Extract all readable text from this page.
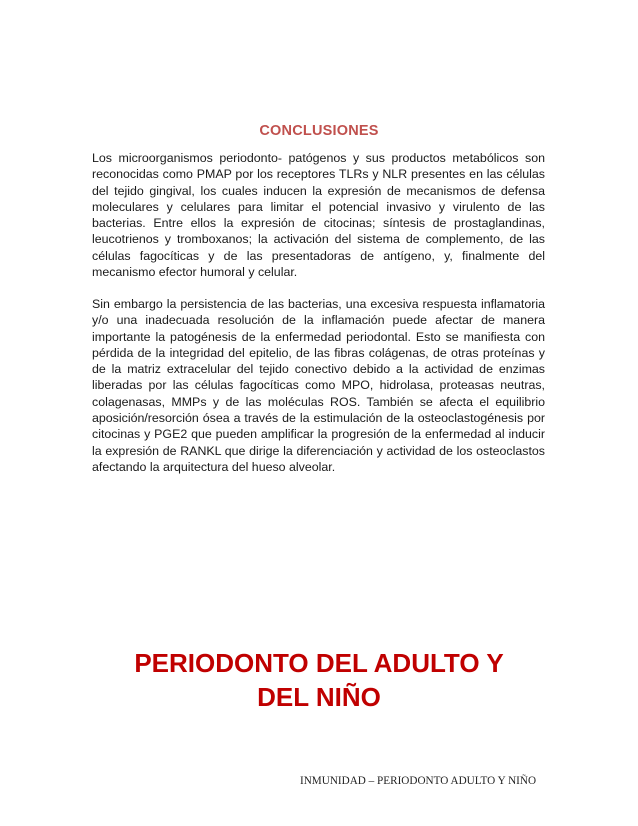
CONCLUSIONES

Los microorganismos periodonto- patógenos y sus productos metabólicos son reconocidas como PMAP por los receptores TLRs y NLR presentes en las células del tejido gingival, los cuales inducen la expresión de mecanismos de defensa moleculares y celulares para limitar el potencial invasivo y virulento de las bacterias. Entre ellos la expresión de citocinas; síntesis de prostaglandinas, leucotrienos y tromboxanos; la activación del sistema de complemento, de las células fagocíticas y de las presentadoras de antígeno, y, finalmente del mecanismo efector humoral y celular.

Sin embargo la persistencia de las bacterias, una excesiva respuesta inflamatoria y/o una inadecuada resolución de la inflamación puede afectar de manera importante la patogénesis de la enfermedad periodontal. Esto se manifiesta con pérdida de la integridad del epitelio, de las fibras colágenas, de otras proteínas y de la matriz extracelular del tejido conectivo debido a la actividad de enzimas liberadas por las células fagocíticas como MPO, hidrolasa, proteasas neutras, colagenasas, MMPs y de las moléculas ROS. También se afecta el equilibrio aposición/resorción ósea a través de la estimulación de la osteoclastogénesis por citocinas y PGE2 que pueden amplificar la progresión de la enfermedad al inducir la expresión de RANKL que dirige la diferenciación y actividad de los osteoclastos afectando la arquitectura del hueso alveolar.

PERIODONTO DEL ADULTO Y
DEL NIÑO
INMUNIDAD – PERIODONTO ADULTO Y NIÑO
